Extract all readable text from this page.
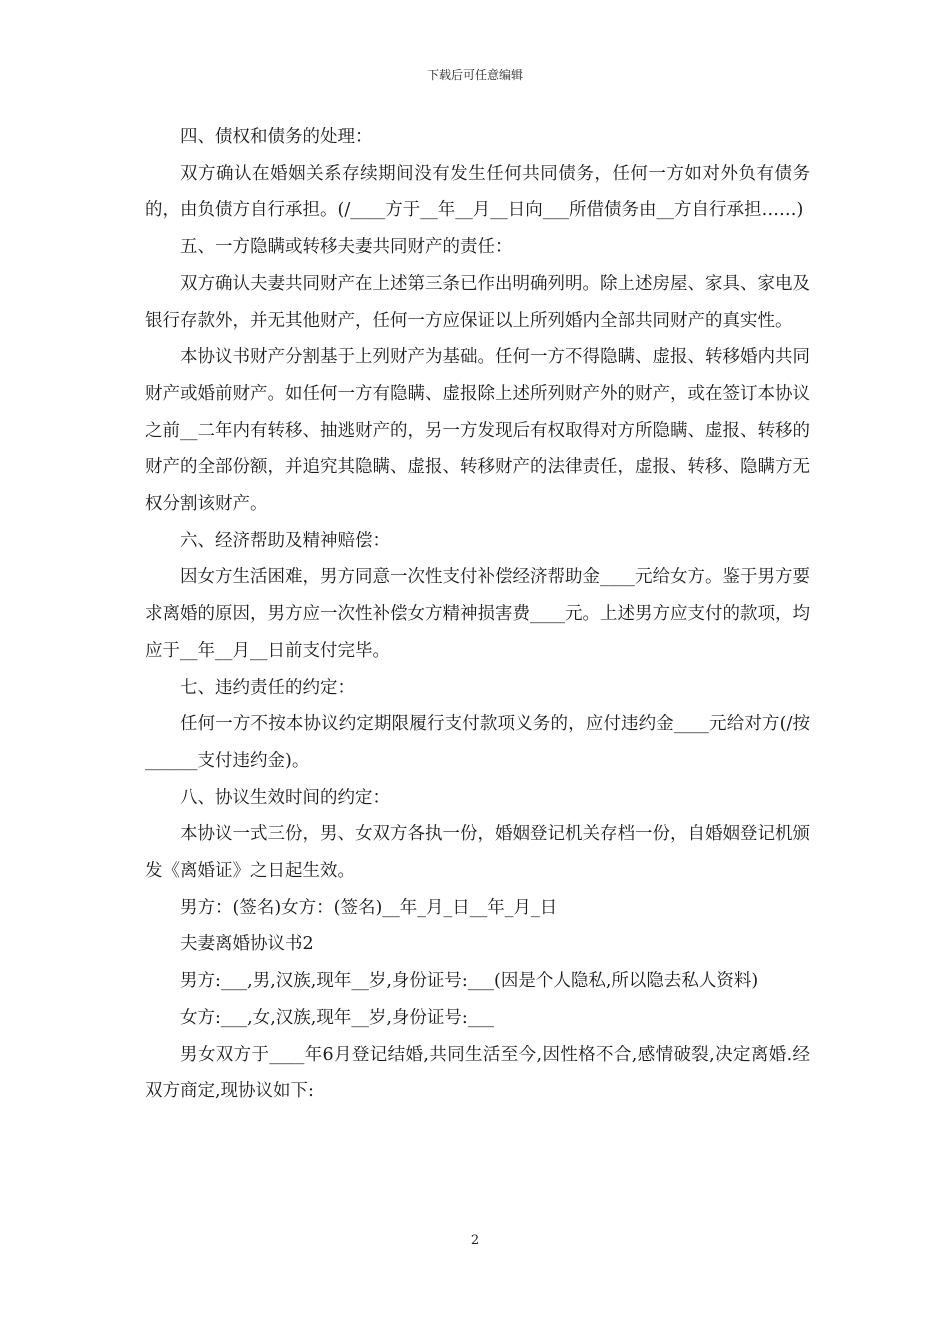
下载后可任意编辑

四、债权和债务的处理：

双方确认在婚姻关系存续期间没有发生任何共同债务，任何一方如对外负有债务的，由负债方自行承担。(/____方于__年__月__日向___所借债务由__方自行承担……)

五、一方隐瞒或转移夫妻共同财产的责任：

双方确认夫妻共同财产在上述第三条已作出明确列明。除上述房屋、家具、家电及银行存款外，并无其他财产，任何一方应保证以上所列婚内全部共同财产的真实性。

本协议书财产分割基于上列财产为基础。任何一方不得隐瞒、虚报、转移婚内共同财产或婚前财产。如任何一方有隐瞒、虚报除上述所列财产外的财产，或在签订本协议之前__二年内有转移、抽逃财产的，另一方发现后有权取得对方所隐瞒、虚报、转移的财产的全部份额，并追究其隐瞒、虚报、转移财产的法律责任，虚报、转移、隐瞒方无权分割该财产。

六、经济帮助及精神赔偿：

因女方生活困难，男方同意一次性支付补偿经济帮助金____元给女方。鉴于男方要求离婚的原因，男方应一次性补偿女方精神损害费____元。上述男方应支付的款项，均应于__年__月__日前支付完毕。

七、违约责任的约定：

任何一方不按本协议约定期限履行支付款项义务的，应付违约金____元给对方(/按______支付违约金)。

八、协议生效时间的约定：

本协议一式三份，男、女双方各执一份，婚姻登记机关存档一份，自婚姻登记机颁发《离婚证》之日起生效。

男方：(签名)女方：(签名)__年_月_日__年_月_日

夫妻离婚协议书2

男方:___,男,汉族,现年__岁,身份证号:___(因是个人隐私,所以隐去私人资料)

女方:___,女,汉族,现年__岁,身份证号:___

男女双方于____年6月登记结婚,共同生活至今,因性格不合,感情破裂,决定离婚.经双方商定,现协议如下:

2
